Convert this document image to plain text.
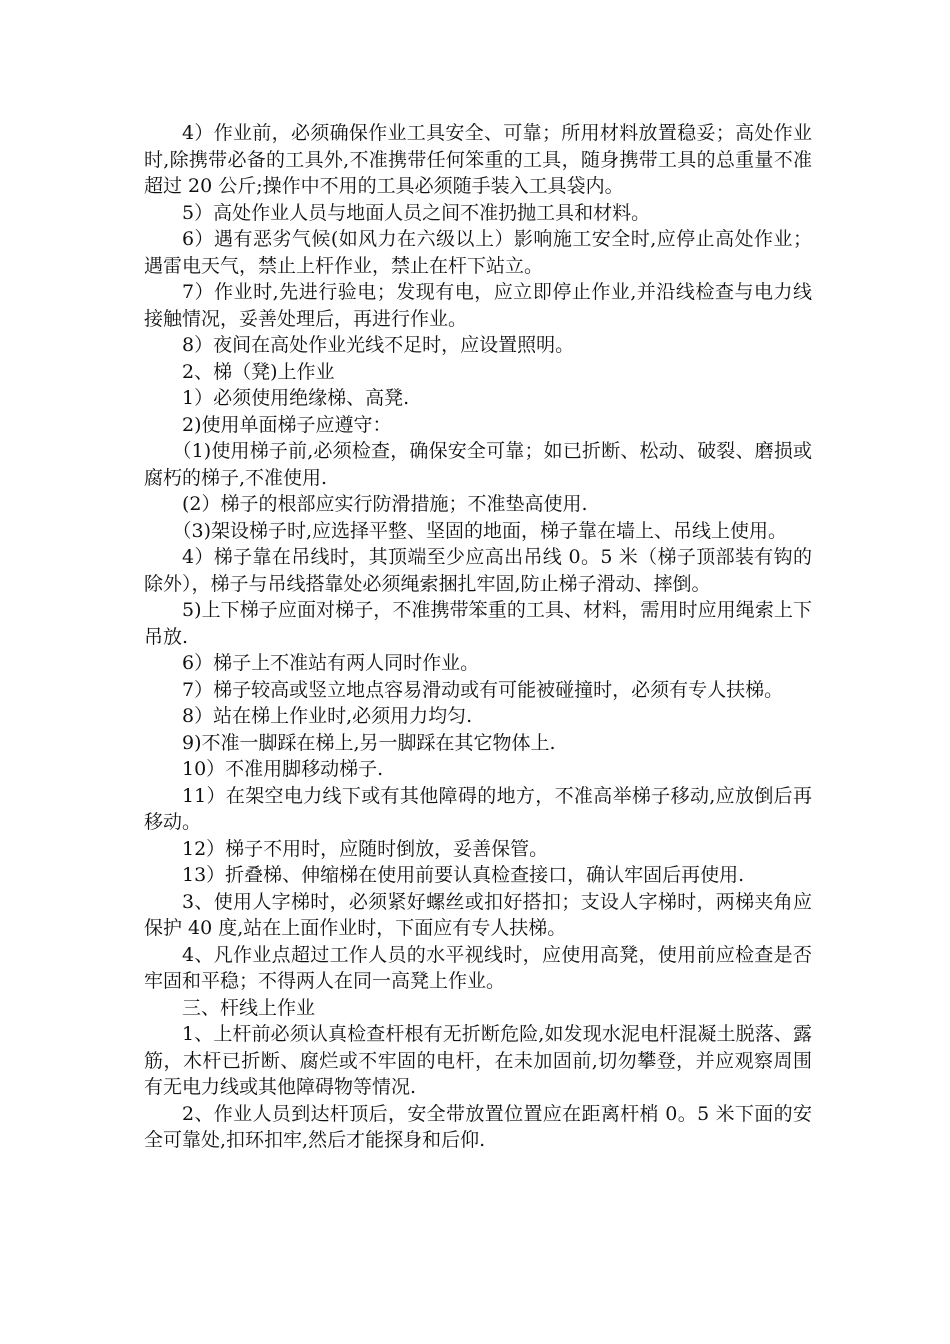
4）作业前，必须确保作业工具安全、可靠；所用材料放置稳妥；高处作业时,除携带必备的工具外,不准携带任何笨重的工具，随身携带工具的总重量不准超过 20 公斤;操作中不用的工具必须随手装入工具袋内。

5）高处作业人员与地面人员之间不准扔抛工具和材料。

6）遇有恶劣气候(如风力在六级以上）影响施工安全时,应停止高处作业；遇雷电天气，禁止上杆作业，禁止在杆下站立。

7）作业时,先进行验电；发现有电，应立即停止作业,并沿线检查与电力线接触情况，妥善处理后，再进行作业。

8）夜间在高处作业光线不足时，应设置照明。

2、梯（凳)上作业

1）必须使用绝缘梯、高凳.

2)使用单面梯子应遵守：

（1)使用梯子前,必须检查，确保安全可靠；如已折断、松动、破裂、磨损或腐朽的梯子,不准使用.

(2）梯子的根部应实行防滑措施；不准垫高使用.

（3)架设梯子时,应选择平整、坚固的地面，梯子靠在墙上、吊线上使用。

4）梯子靠在吊线时，其顶端至少应高出吊线 0。5 米（梯子顶部装有钩的除外），梯子与吊线搭靠处必须绳索捆扎牢固,防止梯子滑动、摔倒。

5)上下梯子应面对梯子，不准携带笨重的工具、材料，需用时应用绳索上下吊放.

6）梯子上不准站有两人同时作业。

7）梯子较高或竖立地点容易滑动或有可能被碰撞时，必须有专人扶梯。

8）站在梯上作业时,必须用力均匀.

9)不准一脚踩在梯上,另一脚踩在其它物体上.

10）不准用脚移动梯子.

11）在架空电力线下或有其他障碍的地方，不准高举梯子移动,应放倒后再移动。

12）梯子不用时，应随时倒放，妥善保管。

13）折叠梯、伸缩梯在使用前要认真检查接口，确认牢固后再使用.

3、使用人字梯时，必须紧好螺丝或扣好搭扣；支设人字梯时，两梯夹角应保护 40 度,站在上面作业时，下面应有专人扶梯。

4、凡作业点超过工作人员的水平视线时，应使用高凳，使用前应检查是否牢固和平稳；不得两人在同一高凳上作业。

三、杆线上作业

1、上杆前必须认真检查杆根有无折断危险,如发现水泥电杆混凝土脱落、露筋，木杆已折断、腐烂或不牢固的电杆，在未加固前,切勿攀登，并应观察周围有无电力线或其他障碍物等情况.

2、作业人员到达杆顶后，安全带放置位置应在距离杆梢 0。5 米下面的安全可靠处,扣环扣牢,然后才能探身和后仰.
